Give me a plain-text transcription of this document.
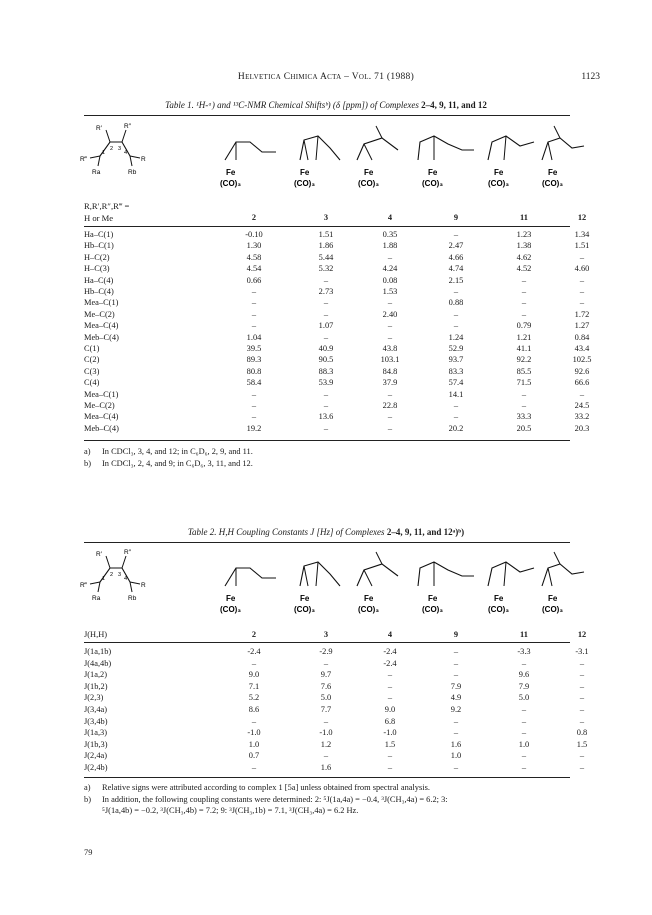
Helvetica Chimica Acta – Vol. 71 (1988)	1123
Table 1. ¹H-ᵃ) and ¹³C-NMR Chemical Shiftsᵇ) (δ [ppm]) of Complexes 2–4, 9, 11, and 12
R′	R″
R‴	R
Ra	Rb
1
2 3
4
Fe
(CO)₃
Fe
(CO)₃
Fe
(CO)₃
Fe
(CO)₃
Fe
(CO)₃
Fe
(CO)₃
R,R′,R″,R‴ =
H or Me	2	3	4	9	11	12
Ha–C(1)	-0.10	1.51	0.35	–	1.23	1.34
Hb–C(1)	1.30	1.86	1.88	2.47	1.38	1.51
H–C(2)	4.58	5.44	–	4.66	4.62	–
H–C(3)	4.54	5.32	4.24	4.74	4.52	4.60
Ha–C(4)	0.66	–	0.08	2.15	–	–
Hb–C(4)	–	2.73	1.53	–	–	–
Mea–C(1)	–	–	–	0.88	–	–
Me–C(2)	–	–	2.40	–	–	1.72
Mea–C(4)	–	1.07	–	–	0.79	1.27
Meb–C(4)	1.04	–	–	1.24	1.21	0.84
C(1)	39.5	40.9	43.8	52.9	41.1	43.4
C(2)	89.3	90.5	103.1	93.7	92.2	102.5
C(3)	80.8	88.3	84.8	83.3	85.5	92.6
C(4)	58.4	53.9	37.9	57.4	71.5	66.6
Mea–C(1)	–	–	–	14.1	–	–
Me–C(2)	–	–	22.8	–	–	24.5
Mea–C(4)	–	13.6	–	–	33.3	33.2
Meb–C(4)	19.2	–	–	20.2	20.5	20.3
a) In CDCl₃, 3, 4, and 12; in C₆D₆, 2, 9, and 11.
b) In CDCl₃, 2, 4, and 9; in C₆D₆, 3, 11, and 12.
Table 2. H,H Coupling Constants J [Hz] of Complexes 2–4, 9, 11, and 12ᵃ)ᵇ)
R′	R″
R‴	R
Ra	Rb
1
2 3
4
Fe
(CO)₃
Fe
(CO)₃
Fe
(CO)₃
Fe
(CO)₃
Fe
(CO)₃
Fe
(CO)₃
J(H,H)	2	3	4	9	11	12
J(1a,1b)	-2.4	-2.9	-2.4	–	-3.3	-3.1
J(4a,4b)	–	–	-2.4	–	–	–
J(1a,2)	9.0	9.7	–	–	9.6	–
J(1b,2)	7.1	7.6	–	7.9	7.9	–
J(2,3)	5.2	5.0	–	4.9	5.0	–
J(3,4a)	8.6	7.7	9.0	9.2	–	–
J(3,4b)	–	–	6.8	–	–	–
J(1a,3)	-1.0	-1.0	-1.0	–	–	0.8
J(1b,3)	1.0	1.2	1.5	1.6	1.0	1.5
J(2,4a)	0.7	–	–	1.0	–	–
J(2,4b)	–	1.6	–	–	–	–
a) Relative signs were attributed according to complex 1 [5a] unless obtained from spectral analysis.
b) In addition, the following coupling constants were determined: 2: ⁵J(1a,4a) = −0.4, ³J(CH₃,4a) = 6.2; 3:
⁵J(1a,4b) = −0.2, ³J(CH₃,4b) = 7.2; 9: ³J(CH₃,1b) = 7.1, ³J(CH₃,4a) = 6.2 Hz.
79
